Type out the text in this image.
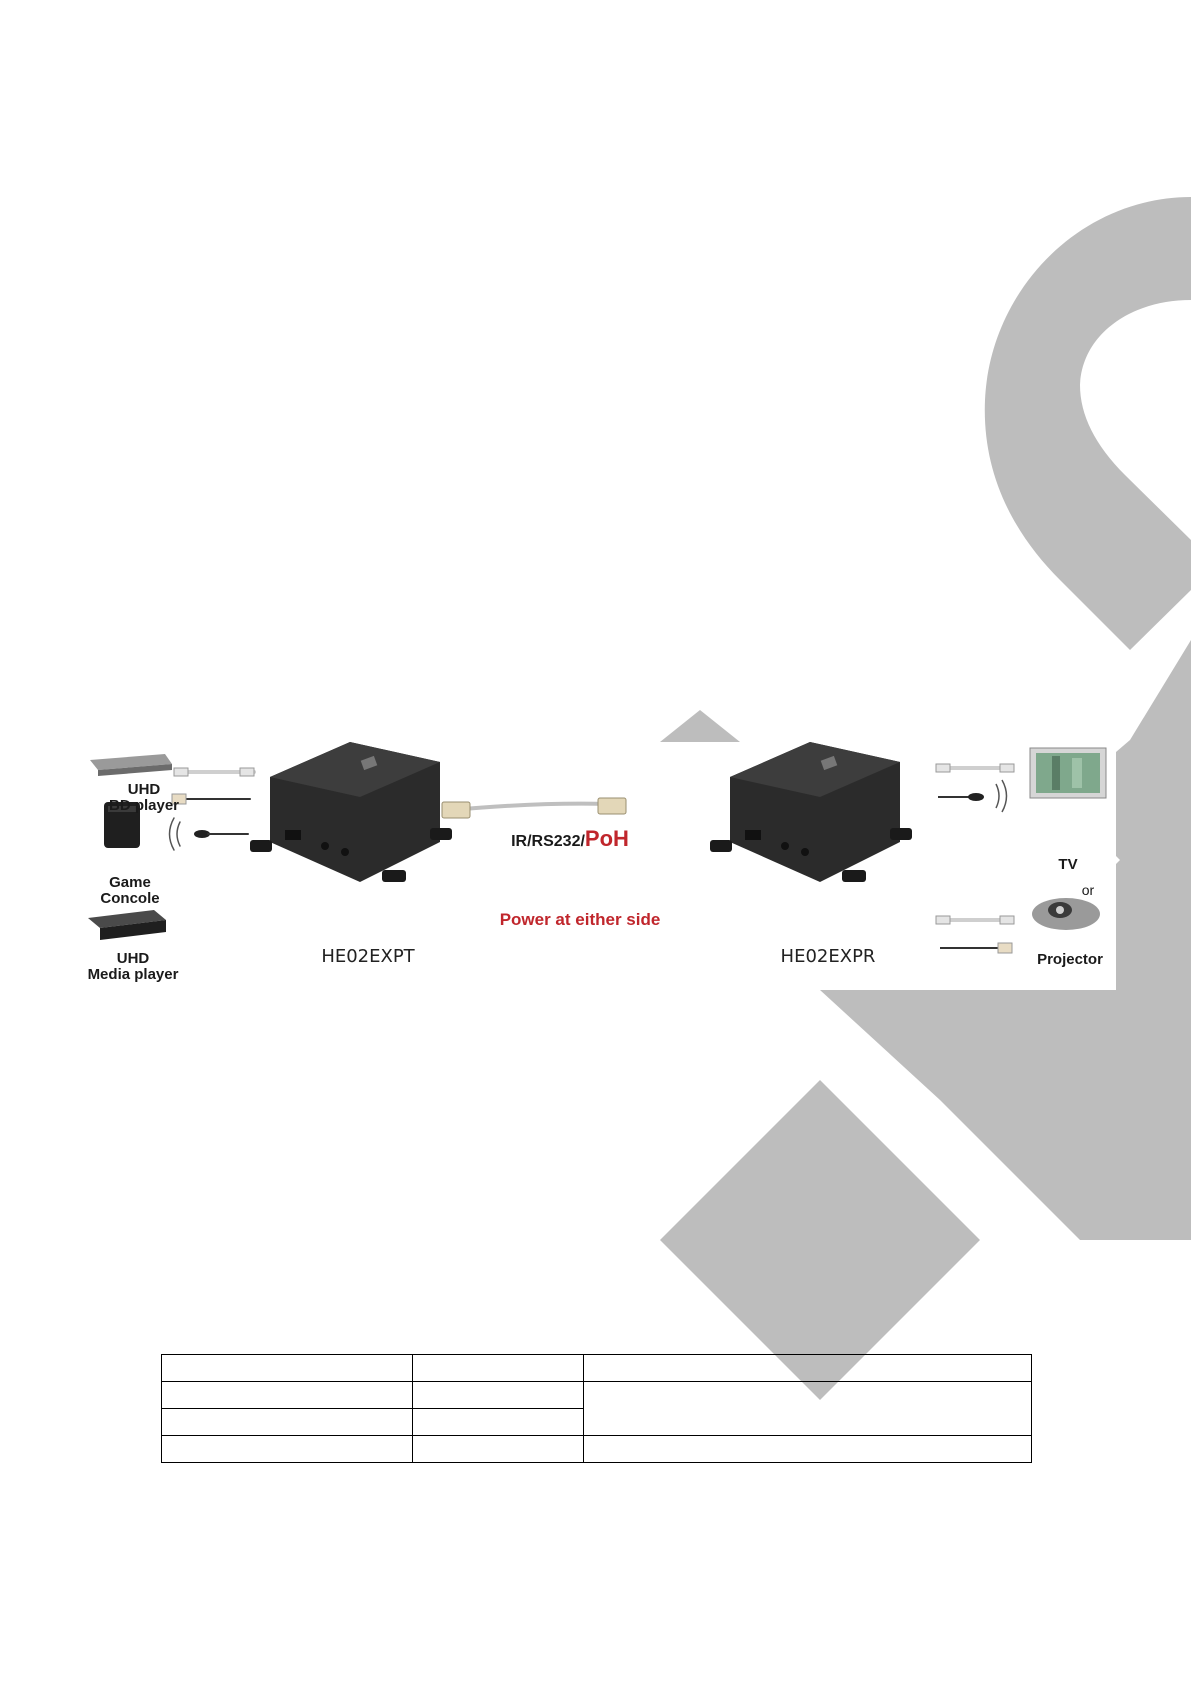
UHD
BD player
Game
Concole
UHD
Media player
HE02EXPT	HE02EXPR
IR/RS232/PoH
Power at either side
TV
or
Projector
